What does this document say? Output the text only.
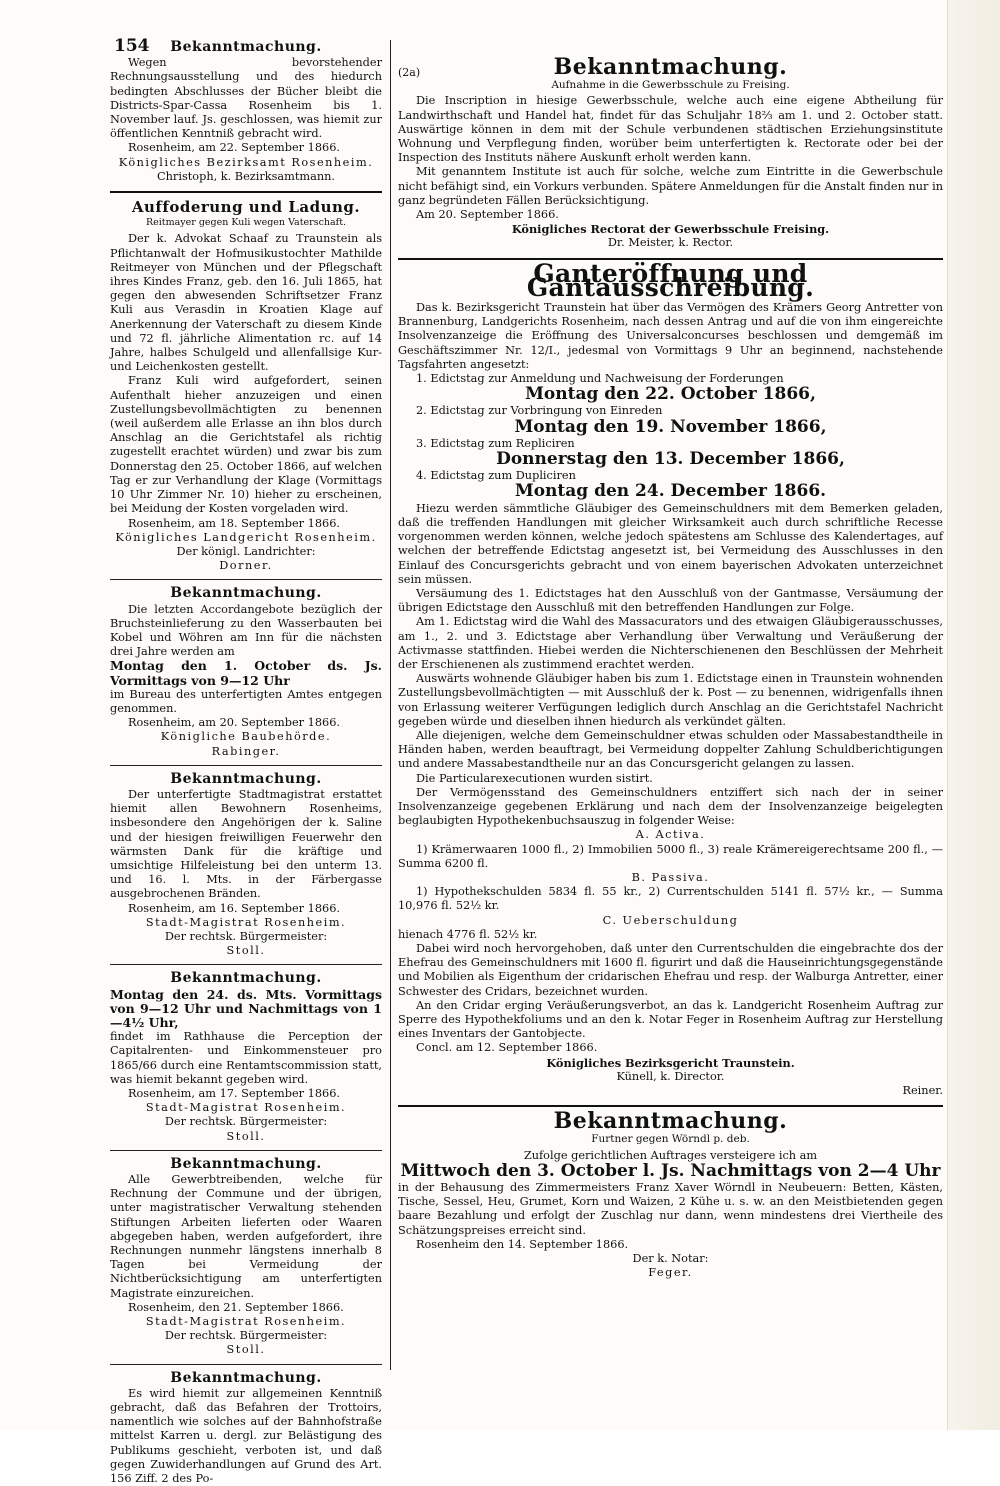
154	Bekanntmachung.

Wegen bevorstehender Rechnungsausstellung und des hiedurch bedingten Abschlusses der Bücher bleibt die Districts-Spar-Cassa Rosenheim bis 1. November lauf. Js. geschlossen, was hiemit zur öffentlichen Kenntniß gebracht wird.

Rosenheim, am 22. September 1866.

Königliches Bezirksamt Rosenheim.

Christoph, k. Bezirksamtmann.

Auffoderung und Ladung.
Reitmayer gegen Kuli wegen Vaterschaft.

Der k. Advokat Schaaf zu Traunstein als Pflichtanwalt der Hofmusikustochter Mathilde Reitmeyer von München und der Pflegschaft ihres Kindes Franz, geb. den 16. Juli 1865, hat gegen den abwesenden Schriftsetzer Franz Kuli aus Verasdin in Kroatien Klage auf Anerkennung der Vaterschaft zu diesem Kinde und 72 fl. jährliche Alimentation rc. auf 14 Jahre, halbes Schulgeld und allenfallsige Kur- und Leichenkosten gestellt.

Franz Kuli wird aufgefordert, seinen Aufenthalt hieher anzuzeigen und einen Zustellungsbevollmächtigten zu benennen (weil außerdem alle Erlasse an ihn blos durch Anschlag an die Gerichtstafel als richtig zugestellt erachtet würden) und zwar bis zum Donnerstag den 25. October 1866, auf welchen Tag er zur Verhandlung der Klage (Vormittags 10 Uhr Zimmer Nr. 10) hieher zu erscheinen, bei Meidung der Kosten vorgeladen wird.

Rosenheim, am 18. September 1866.

Königliches Landgericht Rosenheim.

Der königl. Landrichter:

Dorner.

Bekanntmachung.

Die letzten Accordangebote bezüglich der Bruchsteinlieferung zu den Wasserbauten bei Kobel und Wöhren am Inn für die nächsten drei Jahre werden am

Montag den 1. October ds. Js. Vormittags von 9—12 Uhr

im Bureau des unterfertigten Amtes entgegen genommen.

Rosenheim, am 20. September 1866.

Königliche Baubehörde.

Rabinger.

Bekanntmachung.

Der unterfertigte Stadtmagistrat erstattet hiemit allen Bewohnern Rosenheims, insbesondere den Angehörigen der k. Saline und der hiesigen freiwilligen Feuerwehr den wärmsten Dank für die kräftige und umsichtige Hilfeleistung bei den unterm 13. und 16. l. Mts. in der Färbergasse ausgebrochenen Bränden.

Rosenheim, am 16. September 1866.

Stadt-Magistrat Rosenheim.

Der rechtsk. Bürgermeister:

Stoll.

Bekanntmachung.

Montag den 24. ds. Mts. Vormittags von 9—12 Uhr und Nachmittags von 1—4½ Uhr,

findet im Rathhause die Perception der Capitalrenten- und Einkommensteuer pro 1865/66 durch eine Rentamtscommission statt, was hiemit bekannt gegeben wird.

Rosenheim, am 17. September 1866.

Stadt-Magistrat Rosenheim.

Der rechtsk. Bürgermeister:

Stoll.

Bekanntmachung.

Alle Gewerbtreibenden, welche für Rechnung der Commune und der übrigen, unter magistratischer Verwaltung stehenden Stiftungen Arbeiten lieferten oder Waaren abgegeben haben, werden aufgefordert, ihre Rechnungen nunmehr längstens innerhalb 8 Tagen bei Vermeidung der Nichtberücksichtigung am unterfertigten Magistrate einzureichen.

Rosenheim, den 21. September 1866.

Stadt-Magistrat Rosenheim.

Der rechtsk. Bürgermeister:

Stoll.

Bekanntmachung.

Es wird hiemit zur allgemeinen Kenntniß gebracht, daß das Befahren der Trottoirs, namentlich wie solches auf der Bahnhofstraße mittelst Karren u. dergl. zur Belästigung des Publikums geschieht, verboten ist, und daß gegen Zuwiderhandlungen auf Grund des Art. 156 Ziff. 2 des Po-

(2a)	Bekanntmachung.
Aufnahme in die Gewerbsschule zu Freising.

Die Inscription in hiesige Gewerbsschule, welche auch eine eigene Abtheilung für Landwirthschaft und Handel hat, findet für das Schuljahr 18⅔ am 1. und 2. October statt. Auswärtige können in dem mit der Schule verbundenen städtischen Erziehungsinstitute Wohnung und Verpflegung finden, worüber beim unterfertigten k. Rectorate oder bei der Inspection des Instituts nähere Auskunft erholt werden kann.

Mit genanntem Institute ist auch für solche, welche zum Eintritte in die Gewerbschule nicht befähigt sind, ein Vorkurs verbunden. Spätere Anmeldungen für die Anstalt finden nur in ganz begründeten Fällen Berücksichtigung.

Am 20. September 1866.

Königliches Rectorat der Gewerbsschule Freising.

Dr. Meister, k. Rector.

Ganteröffnung und Gantausschreibung.

Das k. Bezirksgericht Traunstein hat über das Vermögen des Krämers Georg Antretter von Brannenburg, Landgerichts Rosenheim, nach dessen Antrag und auf die von ihm eingereichte Insolvenzanzeige die Eröffnung des Universalconcurses beschlossen und demgemäß im Geschäftszimmer Nr. 12/I., jedesmal von Vormittags 9 Uhr an beginnend, nachstehende Tagsfahrten angesetzt:

1. Edictstag zur Anmeldung und Nachweisung der Forderungen

Montag den 22. October 1866,

2. Edictstag zur Vorbringung von Einreden

Montag den 19. November 1866,

3. Edictstag zum Repliciren

Donnerstag den 13. December 1866,

4. Edictstag zum Dupliciren

Montag den 24. December 1866.

Hiezu werden sämmtliche Gläubiger des Gemeinschuldners mit dem Bemerken geladen, daß die treffenden Handlungen mit gleicher Wirksamkeit auch durch schriftliche Recesse vorgenommen werden können, welche jedoch spätestens am Schlusse des Kalendertages, auf welchen der betreffende Edictstag angesetzt ist, bei Vermeidung des Ausschlusses in den Einlauf des Concursgerichts gebracht und von einem bayerischen Advokaten unterzeichnet sein müssen.

Versäumung des 1. Edictstages hat den Ausschluß von der Gantmasse, Versäumung der übrigen Edictstage den Ausschluß mit den betreffenden Handlungen zur Folge.

Am 1. Edictstag wird die Wahl des Massacurators und des etwaigen Gläubigerausschusses, am 1., 2. und 3. Edictstage aber Verhandlung über Verwaltung und Veräußerung der Activmasse stattfinden. Hiebei werden die Nichterschienenen den Beschlüssen der Mehrheit der Erschienenen als zustimmend erachtet werden.

Auswärts wohnende Gläubiger haben bis zum 1. Edictstage einen in Traunstein wohnenden Zustellungsbevollmächtigten — mit Ausschluß der k. Post — zu benennen, widrigenfalls ihnen von Erlassung weiterer Verfügungen lediglich durch Anschlag an die Gerichtstafel Nachricht gegeben würde und dieselben ihnen hiedurch als verkündet gälten.

Alle diejenigen, welche dem Gemeinschuldner etwas schulden oder Massabestandtheile in Händen haben, werden beauftragt, bei Vermeidung doppelter Zahlung Schuldberichtigungen und andere Massabestandtheile nur an das Concursgericht gelangen zu lassen.

Die Particularexecutionen wurden sistirt.

Der Vermögensstand des Gemeinschuldners entziffert sich nach der in seiner Insolvenzanzeige gegebenen Erklärung und nach dem der Insolvenzanzeige beigelegten beglaubigten Hypothekenbuchsauszug in folgender Weise:

A. Activa.

1) Krämerwaaren 1000 fl., 2) Immobilien 5000 fl., 3) reale Krämereigerechtsame 200 fl., — Summa 6200 fl.

B. Passiva.

1) Hypothekschulden 5834 fl. 55 kr., 2) Currentschulden 5141 fl. 57½ kr., — Summa 10,976 fl. 52½ kr.

C. Ueberschuldung

hienach 4776 fl. 52½ kr.

Dabei wird noch hervorgehoben, daß unter den Currentschulden die eingebrachte dos der Ehefrau des Gemeinschuldners mit 1600 fl. figurirt und daß die Hauseinrichtungsgegenstände und Mobilien als Eigenthum der cridarischen Ehefrau und resp. der Walburga Antretter, einer Schwester des Cridars, bezeichnet wurden.

An den Cridar erging Veräußerungsverbot, an das k. Landgericht Rosenheim Auftrag zur Sperre des Hypothekfoliums und an den k. Notar Feger in Rosenheim Auftrag zur Herstellung eines Inventars der Gantobjecte.

Concl. am 12. September 1866.

Königliches Bezirksgericht Traunstein.

Künell, k. Director.

Reiner.

Bekanntmachung.
Furtner gegen Wörndl p. deb.

Zufolge gerichtlichen Auftrages versteigere ich am

Mittwoch den 3. October l. Js. Nachmittags von 2—4 Uhr

in der Behausung des Zimmermeisters Franz Xaver Wörndl in Neubeuern: Betten, Kästen, Tische, Sessel, Heu, Grumet, Korn und Waizen, 2 Kühe u. s. w. an den Meistbietenden gegen baare Bezahlung und erfolgt der Zuschlag nur dann, wenn mindestens drei Viertheile des Schätzungspreises erreicht sind.

Rosenheim den 14. September 1866.

Der k. Notar:

Feger.
